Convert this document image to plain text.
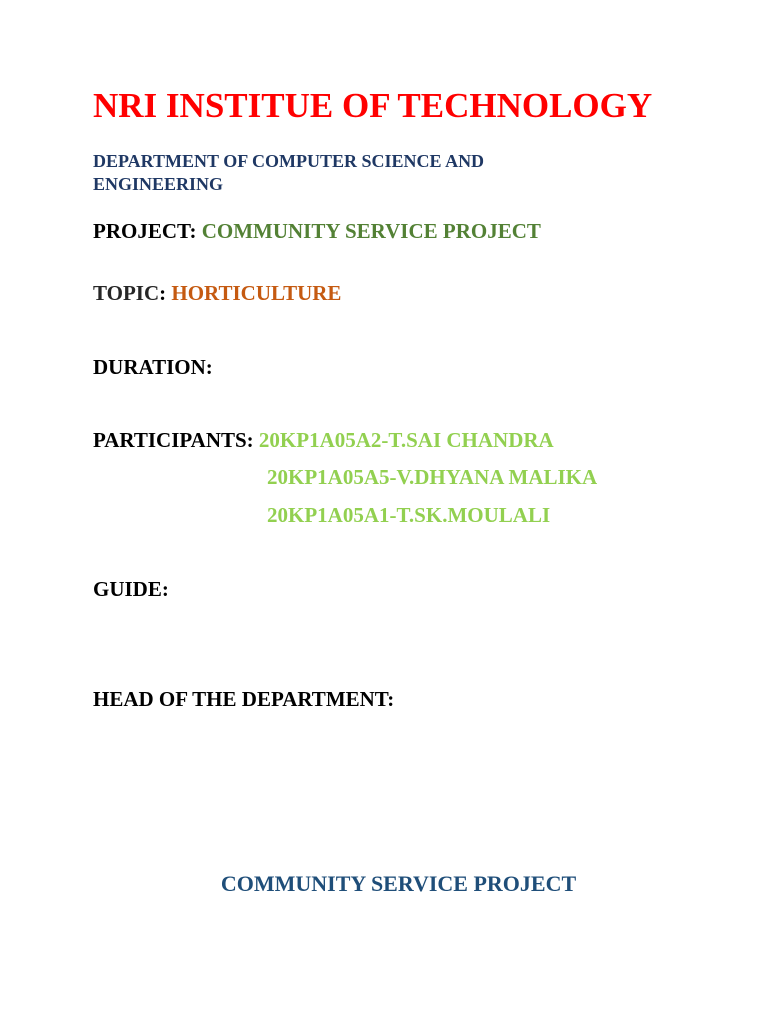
NRI INSTITUE OF TECHNOLOGY
DEPARTMENT OF COMPUTER SCIENCE AND ENGINEERING
PROJECT: COMMUNITY SERVICE PROJECT
TOPIC: HORTICULTURE
DURATION:
PARTICIPANTS: 20KP1A05A2-T.SAI CHANDRA
20KP1A05A5-V.DHYANA MALIKA
20KP1A05A1-T.SK.MOULALI
GUIDE:
HEAD OF THE DEPARTMENT:
COMMUNITY SERVICE PROJECT
